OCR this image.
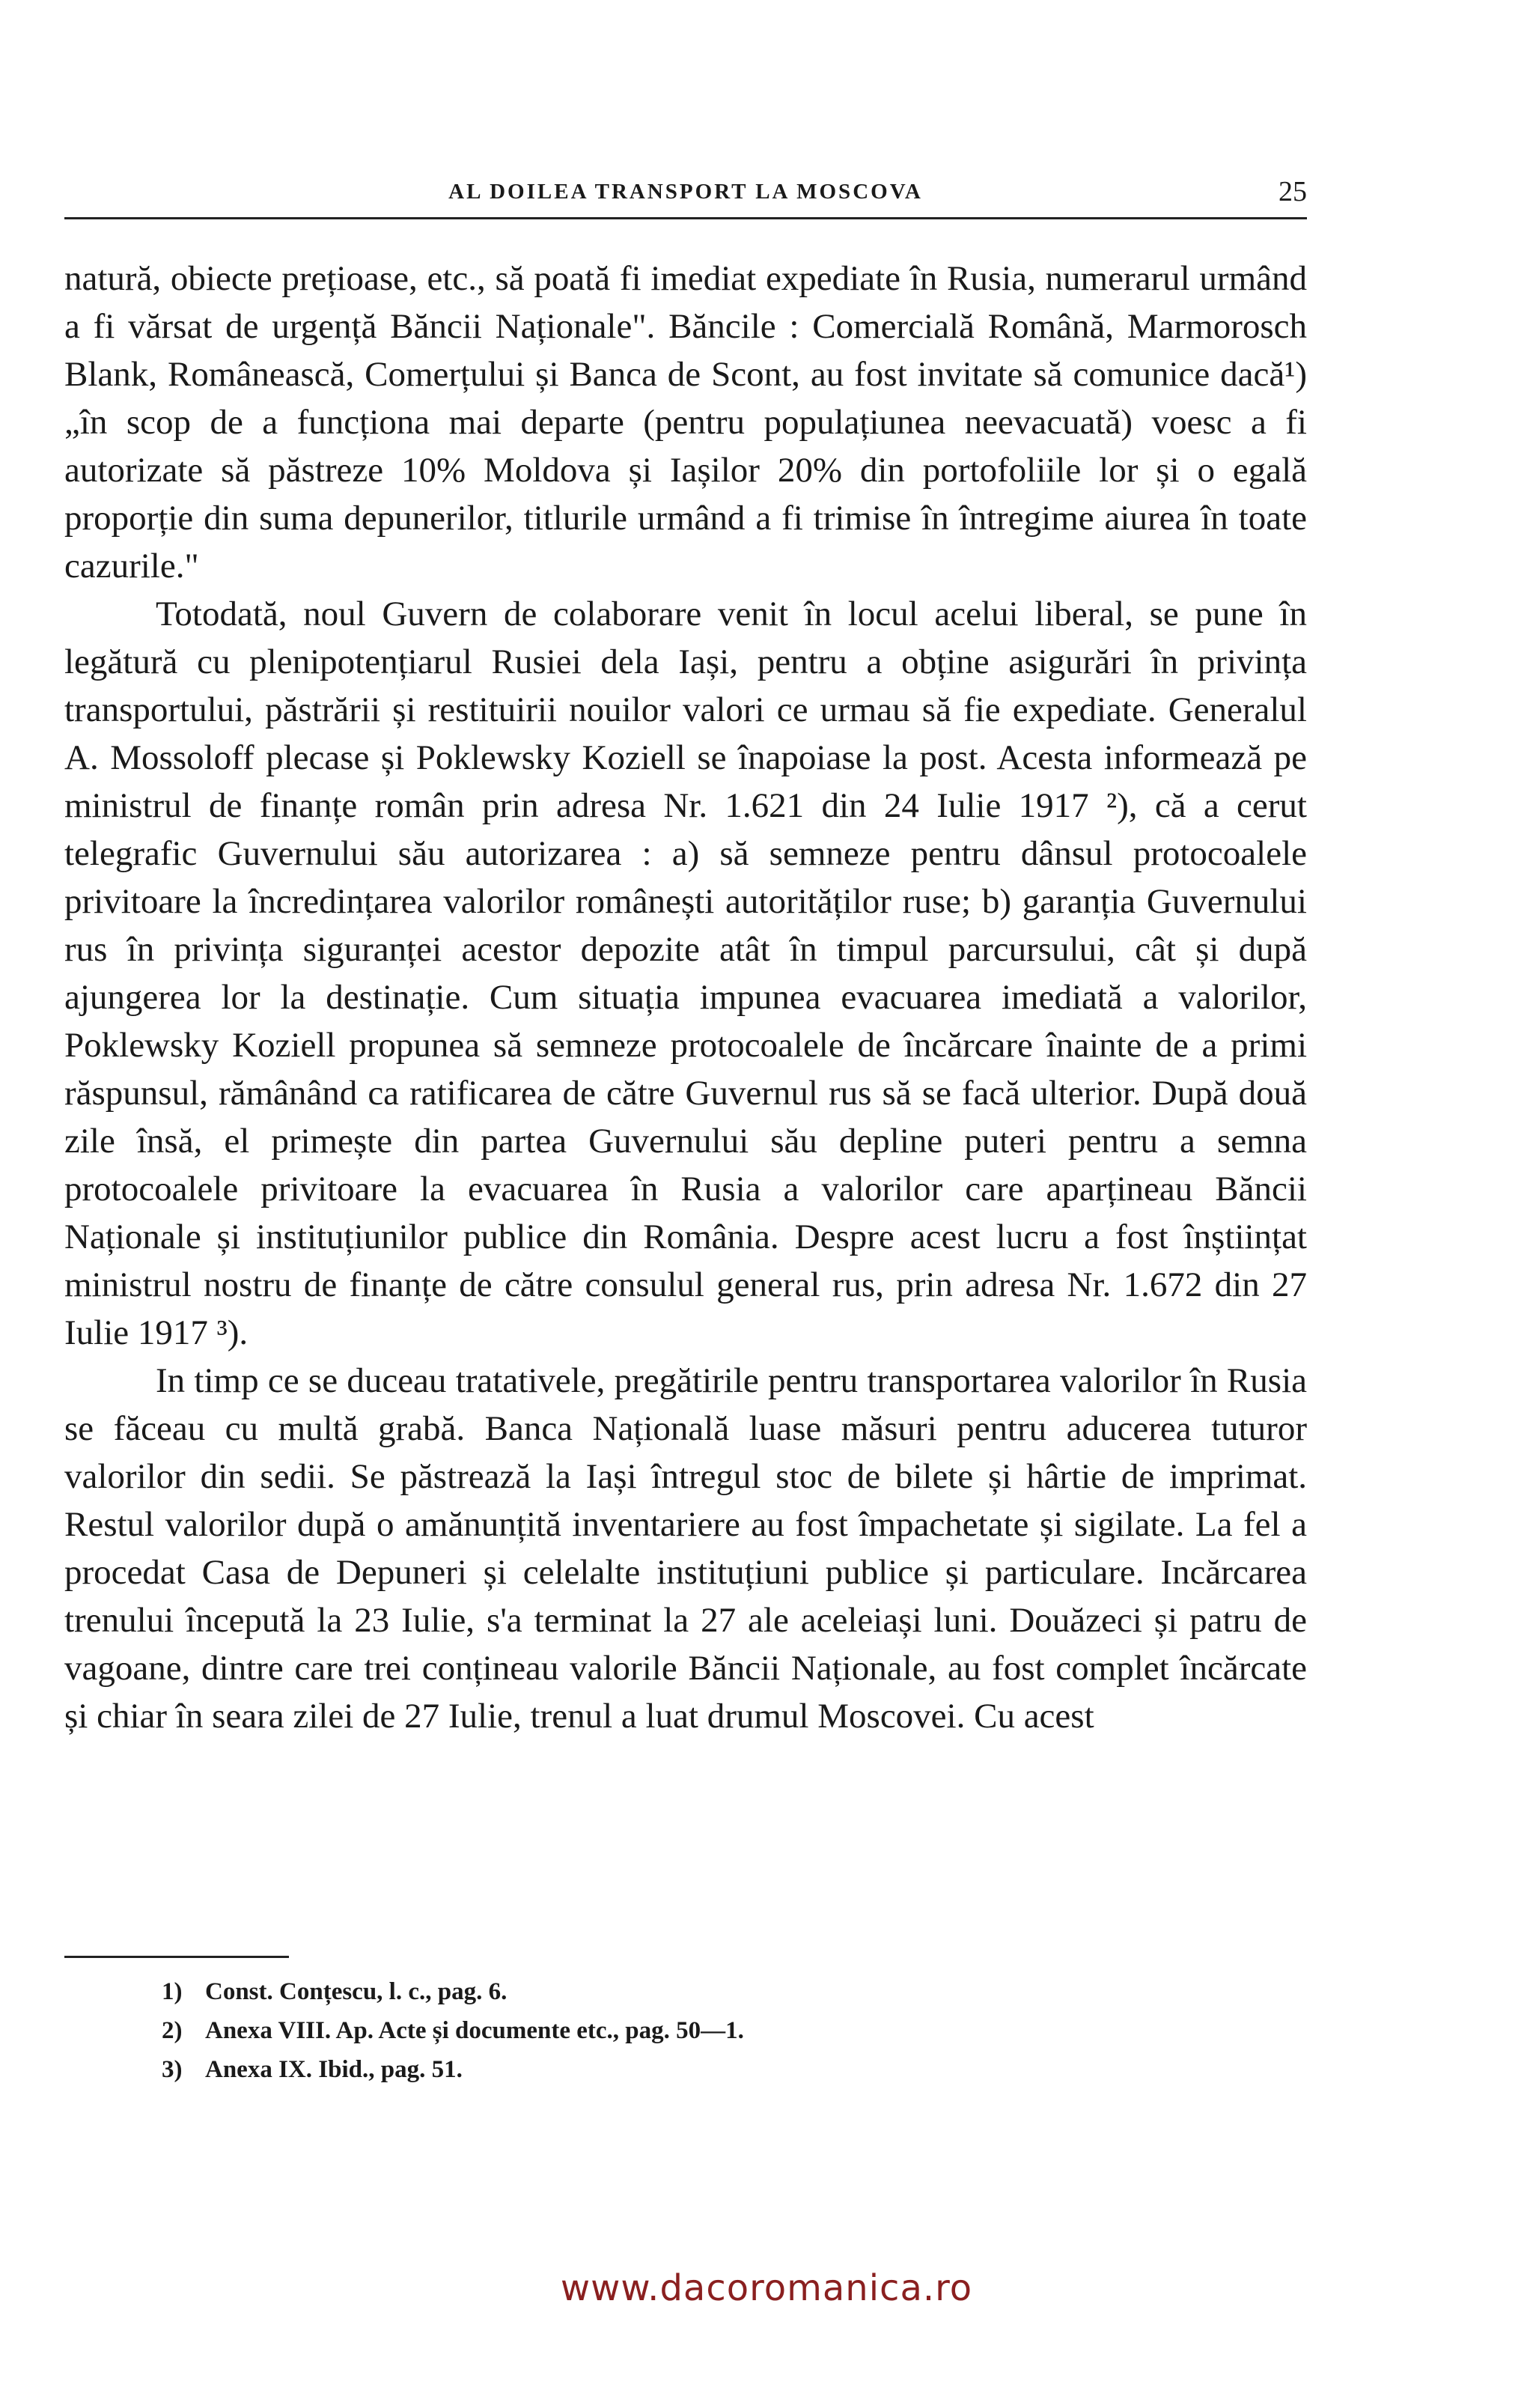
AL DOILEA TRANSPORT LA MOSCOVA	25

natură, obiecte prețioase, etc., să poată fi imediat expediate în Rusia, numerarul urmând a fi vărsat de urgență Băncii Naționale". Băncile : Comercială Română, Marmorosch Blank, Românească, Comerțului și Banca de Scont, au fost invitate să comunice dacă¹) „în scop de a funcționa mai departe (pentru populațiunea neevacuată) voesc a fi autorizate să păstreze 10% Moldova și Iașilor 20% din portofoliile lor și o egală proporție din suma depunerilor, titlurile urmând a fi trimise în întregime aiurea în toate cazurile."

Totodată, noul Guvern de colaborare venit în locul acelui liberal, se pune în legătură cu plenipotențiarul Rusiei dela Iași, pentru a obține asigurări în privința transportului, păstrării și restituirii nouilor valori ce urmau să fie expediate. Generalul A. Mossoloff plecase și Poklewsky Koziell se înapoiase la post. Acesta informează pe ministrul de finanțe român prin adresa Nr. 1.621 din 24 Iulie 1917 ²), că a cerut telegrafic Guvernului său autorizarea : a) să semneze pentru dânsul protocoalele privitoare la încredințarea valorilor românești autorităților ruse; b) garanția Guvernului rus în privința siguranței acestor depozite atât în timpul parcursului, cât și după ajungerea lor la destinație. Cum situația impunea evacuarea imediată a valorilor, Poklewsky Koziell propunea să semneze protocoalele de încărcare înainte de a primi răspunsul, rămânând ca ratificarea de către Guvernul rus să se facă ulterior. După două zile însă, el primește din partea Guvernului său depline puteri pentru a semna protocoalele privitoare la evacuarea în Rusia a valorilor care aparțineau Băncii Naționale și instituțiunilor publice din România. Despre acest lucru a fost înștiințat ministrul nostru de finanțe de către consulul general rus, prin adresa Nr. 1.672 din 27 Iulie 1917 ³).

In timp ce se duceau tratativele, pregătirile pentru transportarea valorilor în Rusia se făceau cu multă grabă. Banca Națională luase măsuri pentru aducerea tuturor valorilor din sedii. Se păstrează la Iași întregul stoc de bilete și hârtie de imprimat. Restul valorilor după o amănunțită inventariere au fost împachetate și sigilate. La fel a procedat Casa de Depuneri și celelalte instituțiuni publice și particulare. Incărcarea trenului începută la 23 Iulie, s'a terminat la 27 ale aceleiași luni. Douăzeci și patru de vagoane, dintre care trei conțineau valorile Băncii Naționale, au fost complet încărcate și chiar în seara zilei de 27 Iulie, trenul a luat drumul Moscovei. Cu acest

1) Const. Conțescu, l. c., pag. 6.
2) Anexa VIII. Ap. Acte și documente etc., pag. 50—1.
3) Anexa IX. Ibid., pag. 51.
www.dacoromanica.ro
